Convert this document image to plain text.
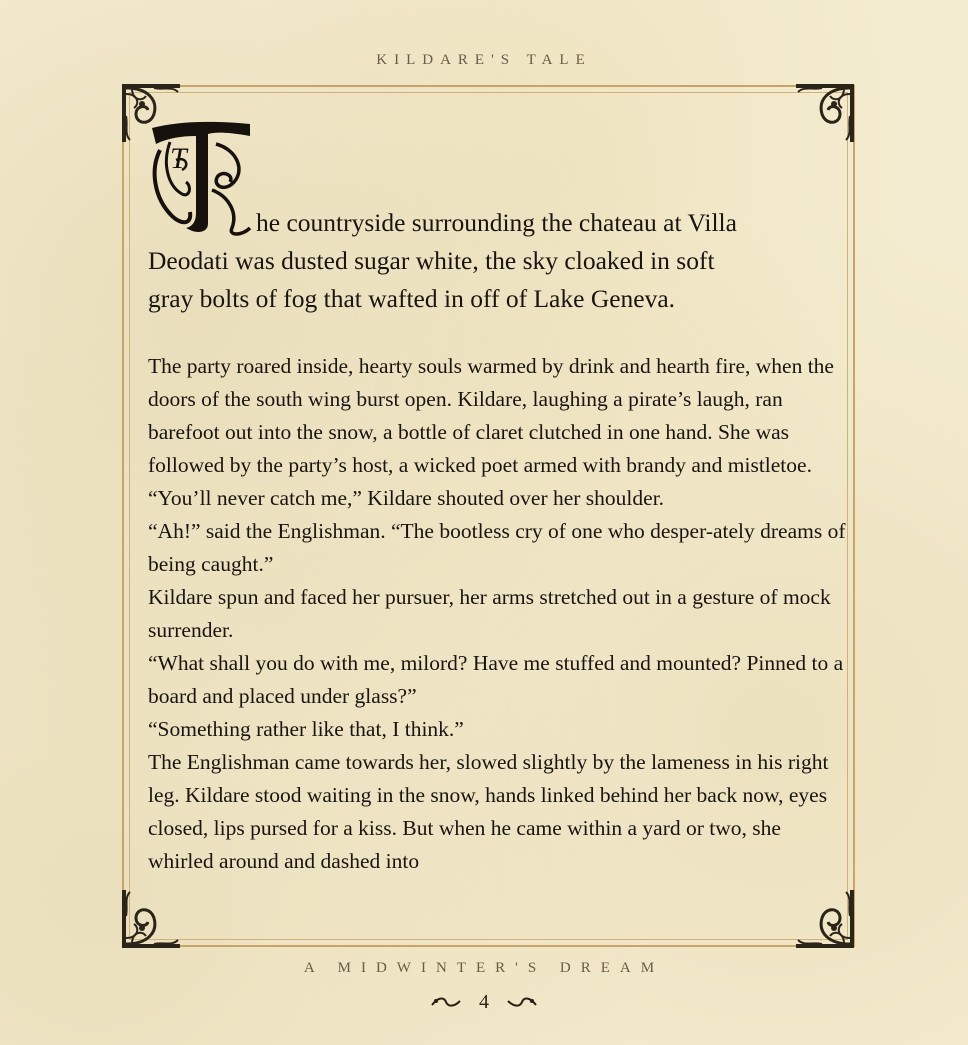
KILDARE'S TALE
T
he countryside surrounding the chateau at Villa
Deodati was dusted sugar white, the sky cloaked in soft
gray bolts of fog that wafted in off of Lake Geneva.

The party roared inside, hearty souls warmed by drink and hearth fire, when the doors of the south wing burst open. Kildare, laughing a pirate’s laugh, ran barefoot out into the snow, a bottle of claret clutched in one hand. She was followed by the party’s host, a wicked poet armed with brandy and mistletoe.

“You’ll never catch me,” Kildare shouted over her shoulder.

“Ah!” said the Englishman. “The bootless cry of one who desper-ately dreams of being caught.”

Kildare spun and faced her pursuer, her arms stretched out in a gesture of mock surrender.

“What shall you do with me, milord? Have me stuffed and mounted? Pinned to a board and placed under glass?”

“Something rather like that, I think.”

The Englishman came towards her, slowed slightly by the lameness in his right leg. Kildare stood waiting in the snow, hands linked behind her back now, eyes closed, lips pursed for a kiss. But when he came within a yard or two, she whirled around and dashed into

A MIDWINTER'S DREAM
4
